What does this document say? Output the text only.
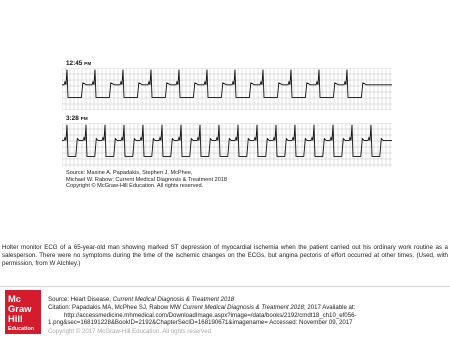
12:45 PM
3:28 PM
Source: Maxine A. Papadakis, Stephen J. McPhee,
Michael W. Rabow: Current Medical Diagnosis & Treatment 2018
Copyright © McGraw-Hill Education. All rights reserved.
Holter monitor ECG of a 65-year-old man showing marked ST depression of myocardial ischemia when the patient carried out his ordinary work routine as a salesperson. There were no symptoms during the time of the ischemic changes on the ECGs, but angina pectoris of effort occurred at other times. (Used, with permission, from W Atchley.)
Mc
Graw
Hill
Education
Source: Heart Disease, Current Medical Diagnosis & Treatment 2018
Citation: Papadakis MA, McPhee SJ, Rabow MW Current Medical Diagnosis & Treatment 2018; 2017 Available at:
http://accessmedicine.mhmedical.com/DownloadImage.aspx?image=/data/books/2192/cmdt18_ch10_ef056-
1.png&sec=168191228&BookID=2192&ChapterSecID=168190671&imagename= Accessed: November 09, 2017
Copyright © 2017 McGraw-Hill Education. All rights reserved
